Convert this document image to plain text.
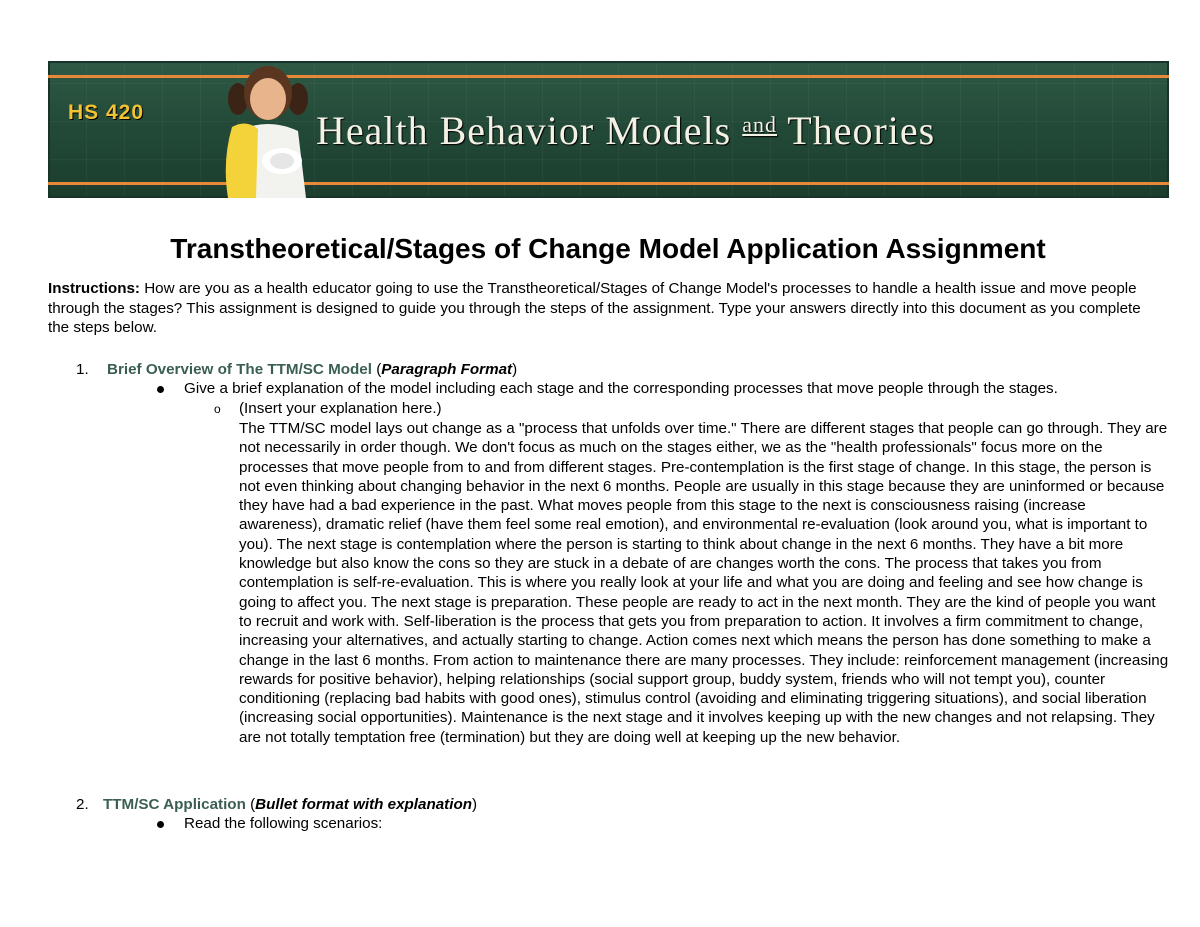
HS 420	Health Behavior Models $^{and}$ Theories
Transtheoretical/Stages of Change Model Application Assignment
Instructions: How are you as a health educator going to use the Transtheoretical/Stages of Change Model's processes to handle a health issue and move people through the stages? This assignment is designed to guide you through the steps of the assignment. Type your answers directly into this document as you complete the steps below.
1. Brief Overview of The TTM/SC Model (Paragraph Format)
Give a brief explanation of the model including each stage and the corresponding processes that move people through the stages.
o (Insert your explanation here.)
The TTM/SC model lays out change as a "process that unfolds over time." There are different stages that people can go through. They are not necessarily in order though. We don't focus as much on the stages either, we as the "health professionals" focus more on the processes that move people from to and from different stages. Pre-contemplation is the first stage of change. In this stage, the person is not even thinking about changing behavior in the next 6 months. People are usually in this stage because they are uninformed or because they have had a bad experience in the past. What moves people from this stage to the next is consciousness raising (increase awareness), dramatic relief (have them feel some real emotion), and environmental re-evaluation (look around you, what is important to you). The next stage is contemplation where the person is starting to think about change in the next 6 months. They have a bit more knowledge but also know the cons so they are stuck in a debate of are changes worth the cons. The process that takes you from contemplation is self-re-evaluation. This is where you really look at your life and what you are doing and feeling and see how change is going to affect you. The next stage is preparation. These people are ready to act in the next month. They are the kind of people you want to recruit and work with. Self-liberation is the process that gets you from preparation to action. It involves a firm commitment to change, increasing your alternatives, and actually starting to change. Action comes next which means the person has done something to make a change in the last 6 months. From action to maintenance there are many processes. They include: reinforcement management (increasing rewards for positive behavior), helping relationships (social support group, buddy system, friends who will not tempt you), counter conditioning (replacing bad habits with good ones), stimulus control (avoiding and eliminating triggering situations), and social liberation (increasing social opportunities). Maintenance is the next stage and it involves keeping up with the new changes and not relapsing. They are not totally temptation free (termination) but they are doing well at keeping up the new behavior.
2. TTM/SC Application (Bullet format with explanation)
Read the following scenarios:
